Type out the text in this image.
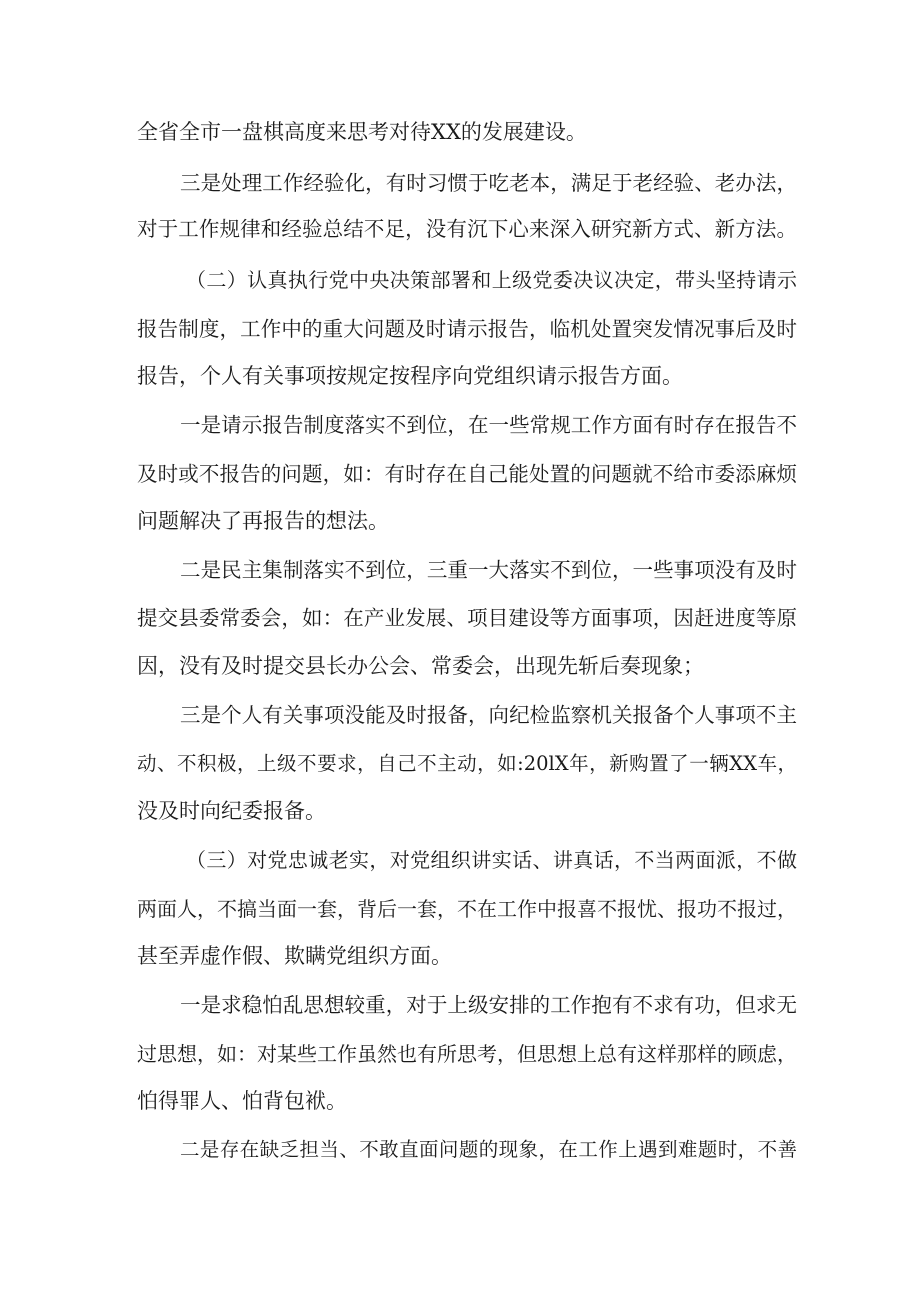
全省全市一盘棋高度来思考对待XX的发展建设。
三是处理工作经验化，有时习惯于吃老本，满足于老经验、老办法，
对于工作规律和经验总结不足，没有沉下心来深入研究新方式、新方法。
（二）认真执行党中央决策部署和上级党委决议决定，带头坚持请示
报告制度，工作中的重大问题及时请示报告，临机处置突发情况事后及时
报告，个人有关事项按规定按程序向党组织请示报告方面。
一是请示报告制度落实不到位，在一些常规工作方面有时存在报告不
及时或不报告的问题，如：有时存在自己能处置的问题就不给市委添麻烦
问题解决了再报告的想法。
二是民主集制落实不到位，三重一大落实不到位，一些事项没有及时
提交县委常委会，如：在产业发展、项目建设等方面事项，因赶进度等原
因，没有及时提交县长办公会、常委会，出现先斩后奏现象；
三是个人有关事项没能及时报备，向纪检监察机关报备个人事项不主
动、不积极，上级不要求，自己不主动，如:20lX年，新购置了一辆XX车，
没及时向纪委报备。
（三）对党忠诚老实，对党组织讲实话、讲真话，不当两面派，不做
两面人，不搞当面一套，背后一套，不在工作中报喜不报忧、报功不报过，
甚至弄虚作假、欺瞒党组织方面。
一是求稳怕乱思想较重，对于上级安排的工作抱有不求有功，但求无
过思想，如：对某些工作虽然也有所思考，但思想上总有这样那样的顾虑，
怕得罪人、怕背包袱。
二是存在缺乏担当、不敢直面问题的现象，在工作上遇到难题时，不善
